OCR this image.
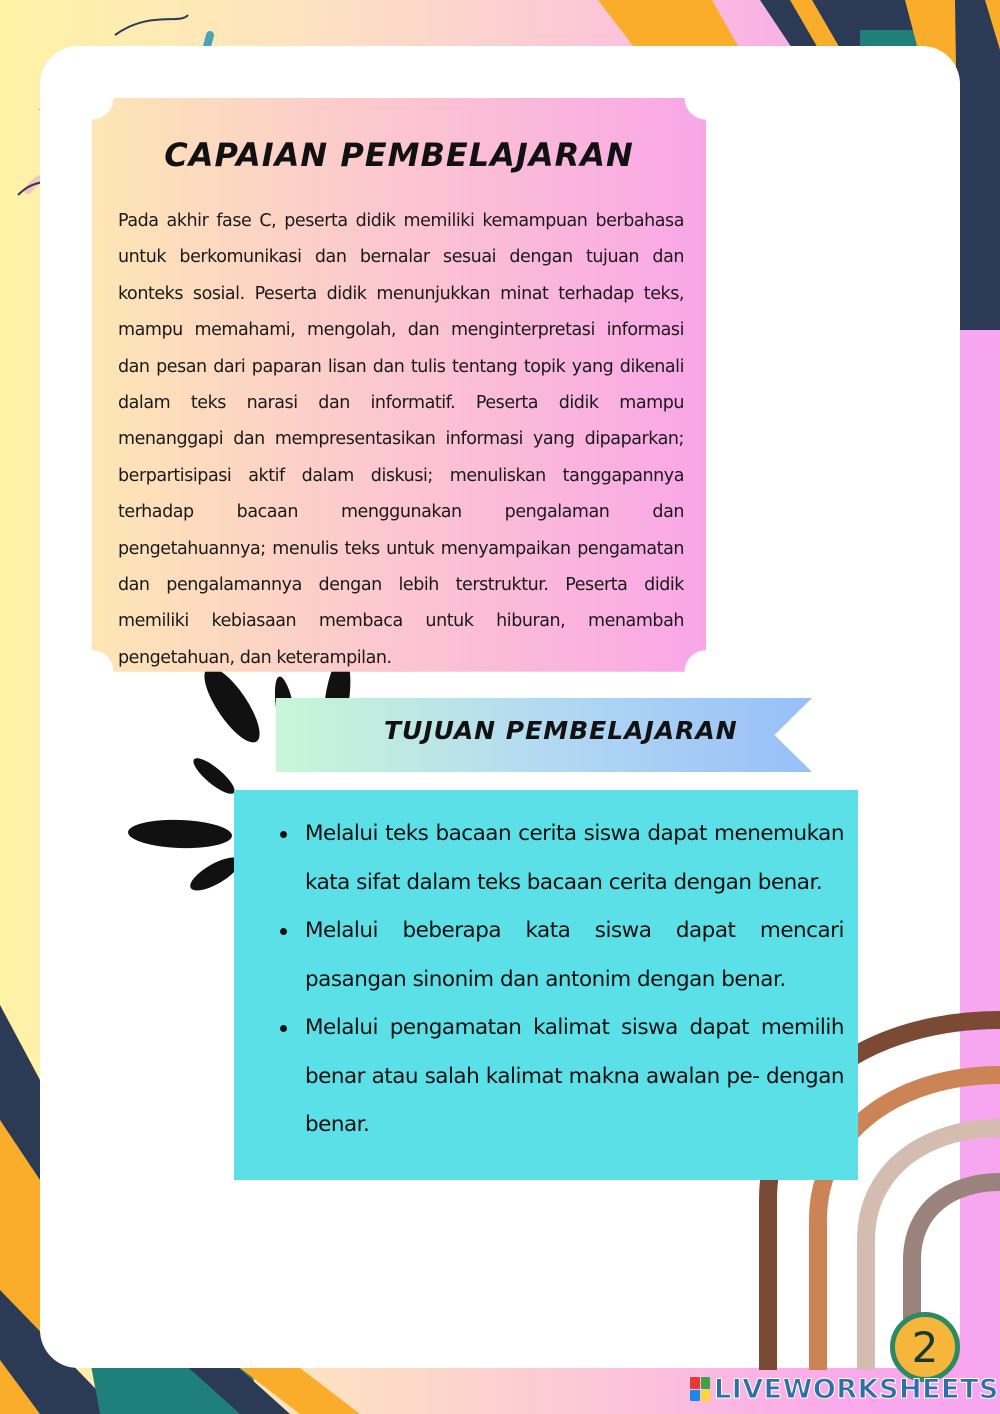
CAPAIAN PEMBELAJARAN

Pada akhir fase C, peserta didik memiliki kemampuan berbahasa untuk berkomunikasi dan bernalar sesuai dengan tujuan dan konteks sosial. Peserta didik menunjukkan minat terhadap teks, mampu memahami, mengolah, dan menginterpretasi informasi dan pesan dari paparan lisan dan tulis tentang topik yang dikenali dalam teks narasi dan informatif. Peserta didik mampu menanggapi dan mempresentasikan informasi yang dipaparkan; berpartisipasi aktif dalam diskusi; menuliskan tanggapannya terhadap bacaan menggunakan pengalaman dan pengetahuannya; menulis teks untuk menyampaikan pengamatan dan pengalamannya dengan lebih terstruktur. Peserta didik memiliki kebiasaan membaca untuk hiburan, menambah pengetahuan, dan keterampilan.

TUJUAN PEMBELAJARAN
Melalui teks bacaan cerita siswa dapat menemukan kata sifat dalam teks bacaan cerita dengan benar.
Melalui beberapa kata siswa dapat mencari pasangan sinonim dan antonim dengan benar.
Melalui pengamatan kalimat siswa dapat memilih benar atau salah kalimat makna awalan pe- dengan benar.
2
LIVEWORKSHEETS
